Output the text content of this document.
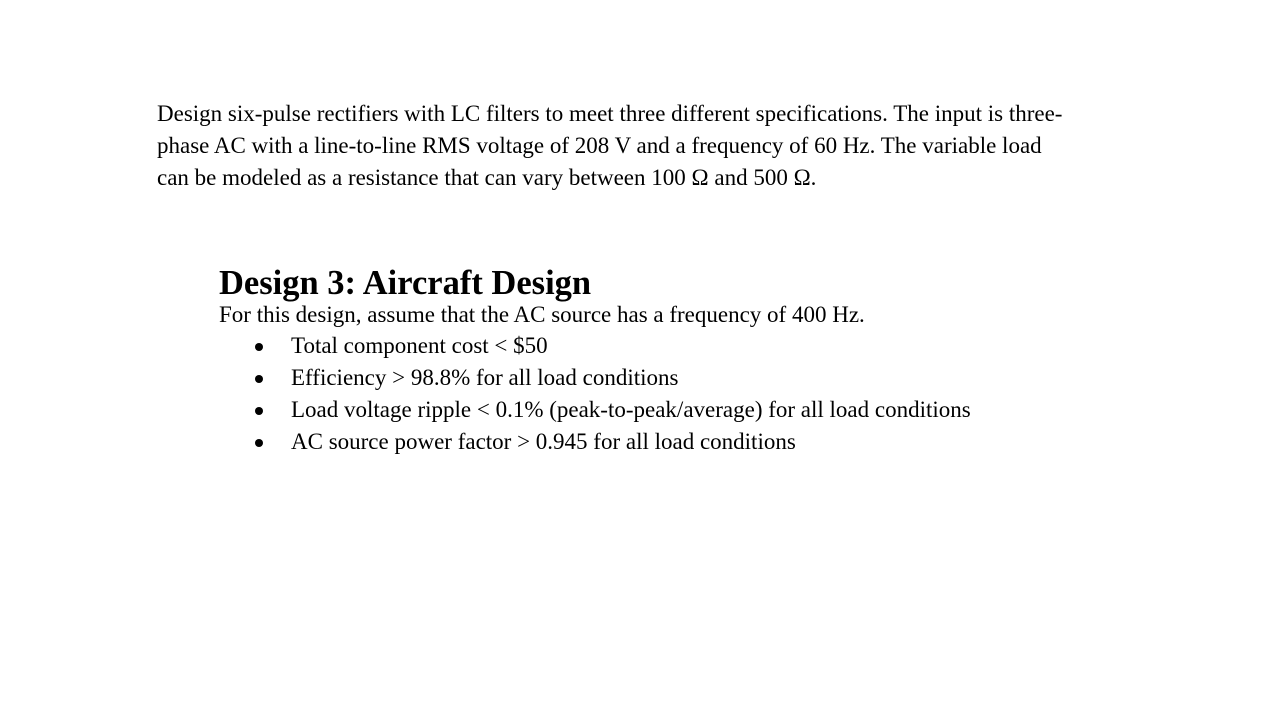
Design six-pulse rectifiers with LC filters to meet three different specifications. The input is three-
phase AC with a line-to-line RMS voltage of 208 V and a frequency of 60 Hz. The variable load
can be modeled as a resistance that can vary between 100 Ω and 500 Ω.

Design 3: Aircraft Design

For this design, assume that the AC source has a frequency of 400 Hz.

Total component cost < $50
Efficiency > 98.8% for all load conditions
Load voltage ripple < 0.1% (peak-to-peak/average) for all load conditions
AC source power factor > 0.945 for all load conditions
